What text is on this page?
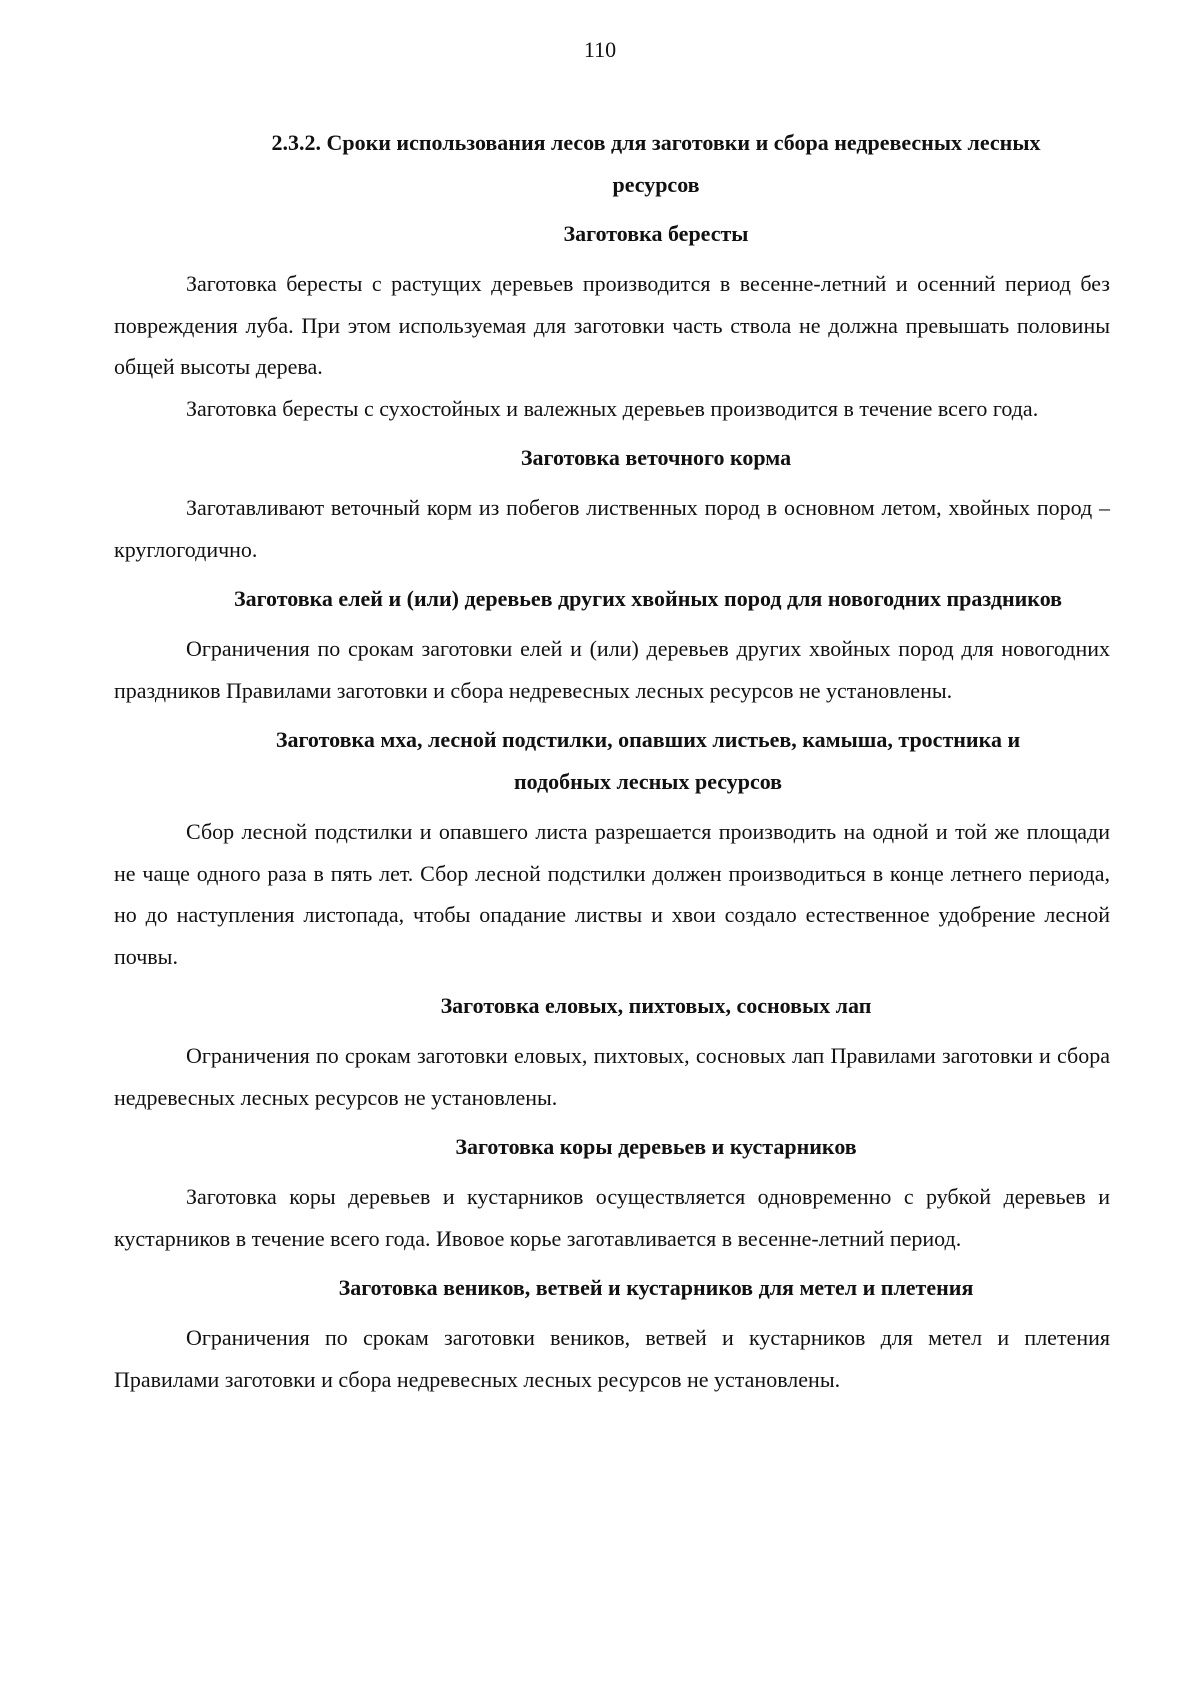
110
2.3.2. Сроки использования лесов для заготовки и сбора недревесных лесных ресурсов
Заготовка бересты

Заготовка бересты с растущих деревьев производится в весенне-летний и осенний период без повреждения луба. При этом используемая для заготовки часть ствола не должна превышать половины общей высоты дерева.

Заготовка бересты с сухостойных и валежных деревьев производится в течение всего года.

Заготовка веточного корма

Заготавливают веточный корм из побегов лиственных пород в основном летом, хвойных пород – круглогодично.

Заготовка елей и (или) деревьев других хвойных пород для новогодних праздников

Ограничения по срокам заготовки елей и (или) деревьев других хвойных пород для новогодних праздников Правилами заготовки и сбора недревесных лесных ресурсов не установлены.

Заготовка мха, лесной подстилки, опавших листьев, камыша, тростника и подобных лесных ресурсов

Сбор лесной подстилки и опавшего листа разрешается производить на одной и той же площади не чаще одного раза в пять лет. Сбор лесной подстилки должен производиться в конце летнего периода, но до наступления листопада, чтобы опадание листвы и хвои создало естественное удобрение лесной почвы.

Заготовка еловых, пихтовых, сосновых лап

Ограничения по срокам заготовки еловых, пихтовых, сосновых лап Правилами заготовки и сбора недревесных лесных ресурсов не установлены.

Заготовка коры деревьев и кустарников

Заготовка коры деревьев и кустарников осуществляется одновременно с рубкой деревьев и кустарников в течение всего года. Ивовое корье заготавливается в весенне-летний период.

Заготовка веников, ветвей и кустарников для метел и плетения

Ограничения по срокам заготовки веников, ветвей и кустарников для метел и плетения Правилами заготовки и сбора недревесных лесных ресурсов не установлены.
